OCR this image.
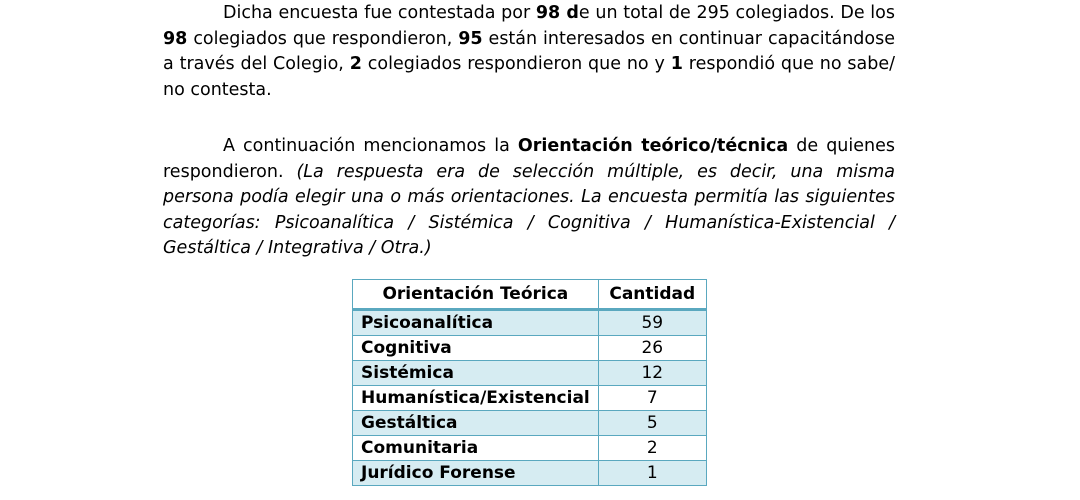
Dicha encuesta fue contestada por 98 de un total de 295 colegiados. De los 98 colegiados que respondieron, 95 están interesados en continuar capacitándose a través del Colegio, 2 colegiados respondieron que no y 1 respondió que no sabe/ no contesta.

A continuación mencionamos la Orientación teórico/técnica de quienes respondieron. (La respuesta era de selección múltiple, es decir, una misma persona podía elegir una o más orientaciones. La encuesta permitía las siguientes categorías: Psicoanalítica / Sistémica / Cognitiva / Humanística-Existencial / Gestáltica / Integrativa / Otra.)

Orientación Teórica	Cantidad
Psicoanalítica	59
Cognitiva	26
Sistémica	12
Humanística/Existencial	7
Gestáltica	5
Comunitaria	2
Jurídico Forense	1
